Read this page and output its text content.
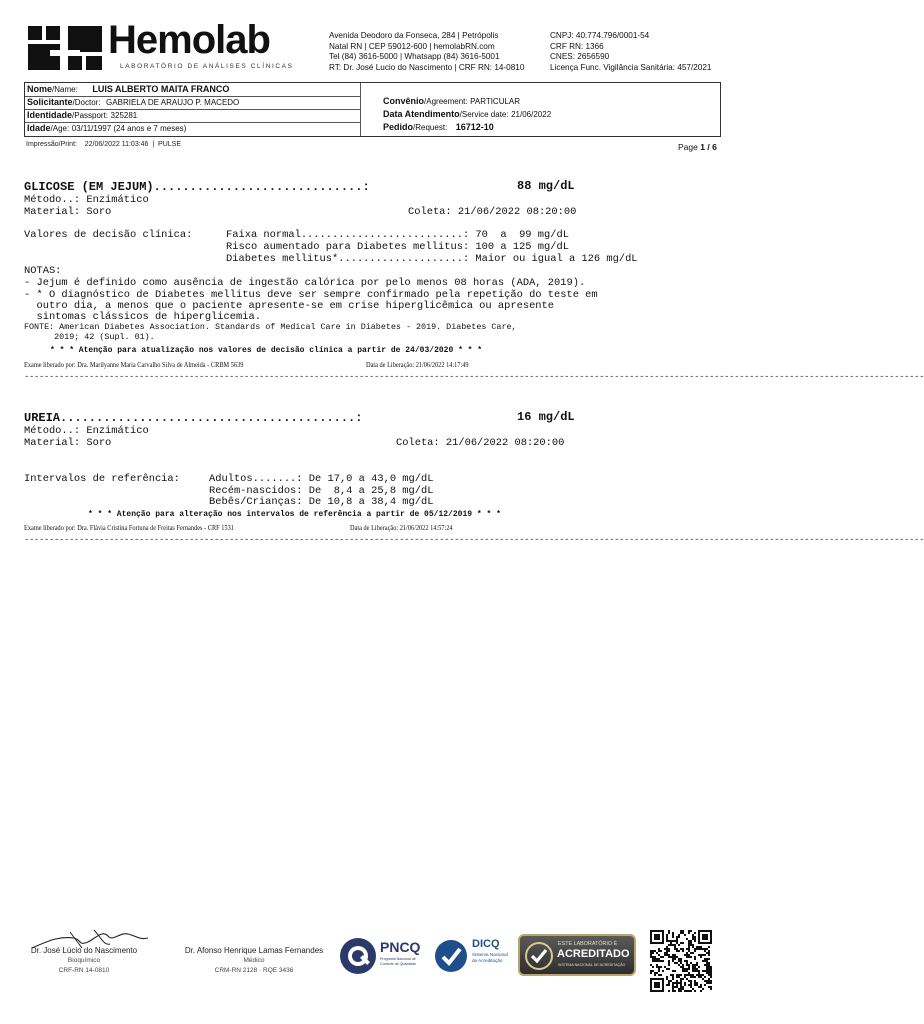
Hemolab
LABORATÓRIO DE ANÁLISES CLÍNICAS
Avenida Deodoro da Fonseca, 284 | Petrópolis
Natal RN | CEP 59012-600 | hemolabRN.com
Tel (84) 3616-5000 | Whatsapp (84) 3616-5001
RT: Dr. José Lucio do Nascimento | CRF RN: 14-0810
CNPJ: 40.774.796/0001-54
CRF RN: 1366
CNES: 2656590
Licença Func. Vigilância Sanitária: 457/2021
Nome/Name: LUIS ALBERTO MAITA FRANCO
Solicitante/Doctor: GABRIELA DE ARAUJO P. MACEDO
Identidade/Passport: 325281
Idade/Age: 03/11/1997 (24 anos e 7 meses)
Convênio/Agreement: PARTICULAR
Data Atendimento/Service date: 21/06/2022
Pedido/Request: 16712-10
Impressão/Print:    22/06/2022 11:03:46  |  PULSE	Page 1 / 6
GLICOSE (EM JEJUM).............................:	88 mg/dL
Método..: Enzimático
Material: Soro	Coleta: 21/06/2022 08:20:00
Valores de decisão clínica:	Faixa normal..........................: 70  a  99 mg/dL
Risco aumentado para Diabetes mellitus: 100 a 125 mg/dL
Diabetes mellitus*....................: Maior ou igual a 126 mg/dL
NOTAS:
- Jejum é definido como ausência de ingestão calórica por pelo menos 08 horas (ADA, 2019).
- * O diagnóstico de Diabetes mellitus deve ser sempre confirmado pela repetição do teste em
outro dia, a menos que o paciente apresente-se em crise hiperglicêmica ou apresente
sintomas clássicos de hiperglicemia.
FONTE: American Diabetes Association. Standards of Medical Care in Diabetes - 2019. Diabetes Care,
2019; 42 (Supl. 01).
* * * Atenção para atualização nos valores de decisão clínica a partir de 24/03/2020 * * *
Exame liberado por: Dra. Marilyanne Maria Carvalho Silva de Almeida - CRBM 5639	Data de Liberação: 21/06/2022 14:17:49
------------------------------------------------------------------------------------------------------------------------------------------------------------------------------------
UREIA.........................................:	16 mg/dL
Método..: Enzimático
Material: Soro	Coleta: 21/06/2022 08:20:00
Intervalos de referência:	Adultos.......: De 17,0 a 43,0 mg/dL
Recém-nascidos: De  8,4 a 25,8 mg/dL
Bebês/Crianças: De 10,8 a 38,4 mg/dL
* * * Atenção para alteração nos intervalos de referência a partir de 05/12/2019 * * *
Exame liberado por: Dra. Flávia Cristina Fortuna de Freitas Fernandes - CRF 1531	Data de Liberação: 21/06/2022 14:57:24
------------------------------------------------------------------------------------------------------------------------------------------------------------------------------------
Dr. José Lúcio do Nascimento
Bioquímico
CRF-RN 14-0810
Dr. Afonso Henrique Lamas Fernandes
Médico
CRM-RN 2128 · RQE 3436
PNCQ
Programa Nacional de Controle de Qualidade
DICQ
Sistema Nacional de Acreditação
ESTE LABORATÓRIO É
ACREDITADO
SISTEMA NACIONAL DE ACREDITAÇÃO
